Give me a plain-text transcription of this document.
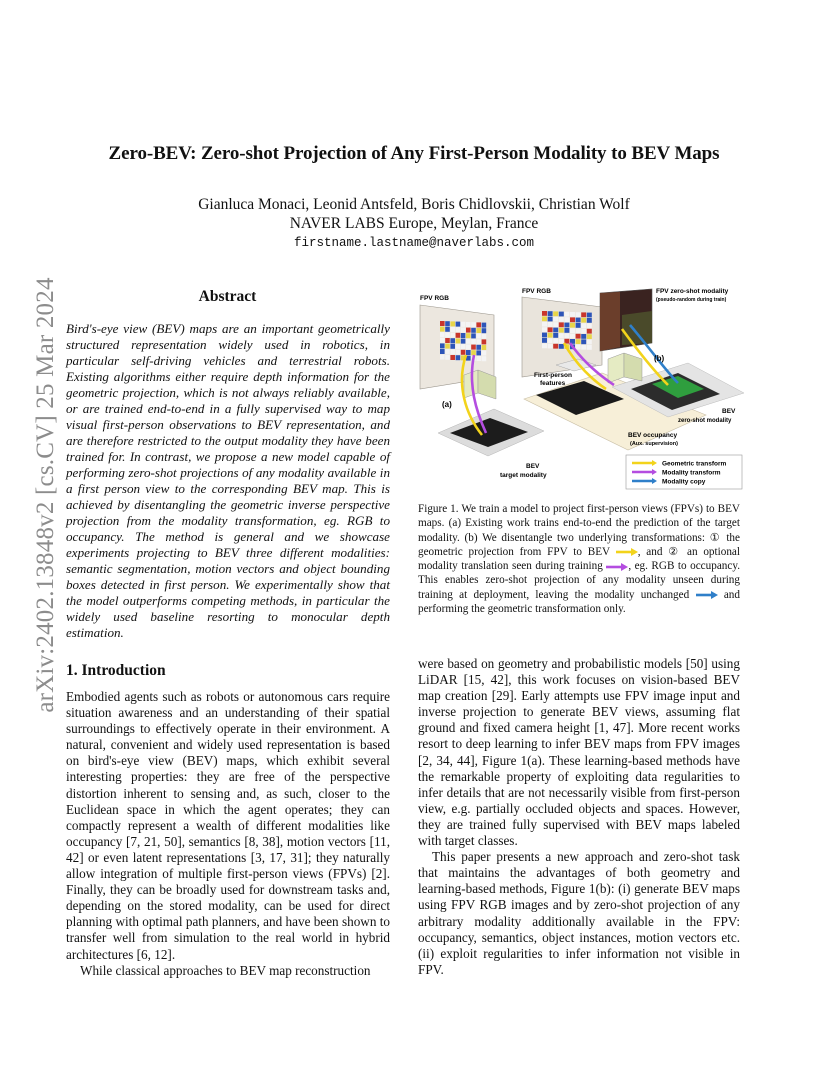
Zero-BEV: Zero-shot Projection of Any First-Person Modality to BEV Maps
Gianluca Monaci, Leonid Antsfeld, Boris Chidlovskii, Christian Wolf
NAVER LABS Europe, Meylan, France
firstname.lastname@naverlabs.com
arXiv:2402.13848v2 [cs.CV] 25 Mar 2024	Abstract
Bird's-eye view (BEV) maps are an important geometrically structured representation widely used in robotics, in particular self-driving vehicles and terrestrial robots. Existing algorithms either require depth information for the geometric projection, which is not always reliably available, or are trained end-to-end in a fully supervised way to map visual first-person observations to BEV representation, and are therefore restricted to the output modality they have been trained for. In contrast, we propose a new model capable of performing zero-shot projections of any modality available in a first person view to the corresponding BEV map. This is achieved by disentangling the geometric inverse perspective projection from the modality transformation, eg. RGB to occupancy. The method is general and we showcase experiments projecting to BEV three different modalities: semantic segmentation, motion vectors and object bounding boxes detected in first person. We experimentally show that the model outperforms competing methods, in particular the widely used baseline resorting to monocular depth estimation.
FPV RGB
FPV RGB	FPV zero-shot modality
(pseudo-random during train)
First-person
features
(a)
(b)
BEV
zero-shot modality
BEV occupancy
(Aux. supervision)
BEV
target modality
Geometric transform
Modality transform
Modality copy
Figure 1. We train a model to project first-person views (FPVs) to BEV maps. (a) Existing work trains end-to-end the prediction of the target modality. (b) We disentangle two underlying transformations: ① the geometric projection from FPV to BEV , and ② an optional modality translation seen during training , eg. RGB to occupancy. This enables zero-shot projection of any modality unseen during training at deployment, leaving the modality unchanged	and performing the geometric transformation only.
1. Introduction

Embodied agents such as robots or autonomous cars require situation awareness and an understanding of their spatial surroundings to effectively operate in their environment. A natural, convenient and widely used representation is based on bird's-eye view (BEV) maps, which exhibit several interesting properties: they are free of the perspective distortion inherent to sensing and, as such, closer to the Euclidean space in which the agent operates; they can compactly represent a wealth of different modalities like occupancy [7, 21, 50], semantics [8, 38], motion vectors [11, 42] or even latent representations [3, 17, 31]; they naturally allow integration of multiple first-person views (FPVs) [2]. Finally, they can be broadly used for downstream tasks and, depending on the stored modality, can be used for direct planning with optimal path planners, and have been shown to transfer well from simulation to the real world in hybrid architectures [6, 12].

While classical approaches to BEV map reconstruction

were based on geometry and probabilistic models [50] using LiDAR [15, 42], this work focuses on vision-based BEV map creation [29]. Early attempts use FPV image input and inverse projection to generate BEV views, assuming flat ground and fixed camera height [1, 47]. More recent works resort to deep learning to infer BEV maps from FPV images [2, 34, 44], Figure 1(a). These learning-based methods have the remarkable property of exploiting data regularities to infer details that are not necessarily visible from first-person view, e.g. partially occluded objects and spaces. However, they are trained fully supervised with BEV maps labeled with target classes.

This paper presents a new approach and zero-shot task that maintains the advantages of both geometry and learning-based methods, Figure 1(b): (i) generate BEV maps using FPV RGB images and by zero-shot projection of any arbitrary modality additionally available in the FPV: occupancy, semantics, object instances, motion vectors etc. (ii) exploit regularities to infer information not visible in FPV.
